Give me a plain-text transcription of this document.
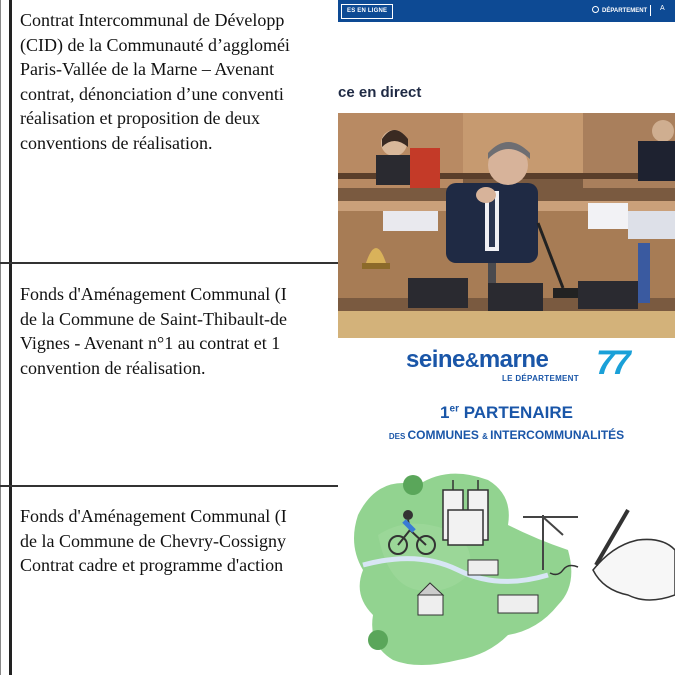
Contrat Intercommunal de Développ
(CID) de la Communauté d’aggloméi
Paris-Vallée de la Marne – Avenant
contrat, dénonciation d’une conventi
réalisation et proposition de deux
conventions de réalisation.
Fonds d'Aménagement Communal (I
de la Commune de Saint-Thibault-de
Vignes - Avenant n°1 au contrat et 1
convention de réalisation.
Fonds d'Aménagement Communal (I
de la Commune de Chevry-Cossigny
Contrat cadre et programme d'action
ES EN LIGNE	DÉPARTEMENT A
ce en direct
seine&marne 77
LE DÉPARTEMENT
1er PARTENAIRE
DES COMMUNES & INTERCOMMUNALITÉS
